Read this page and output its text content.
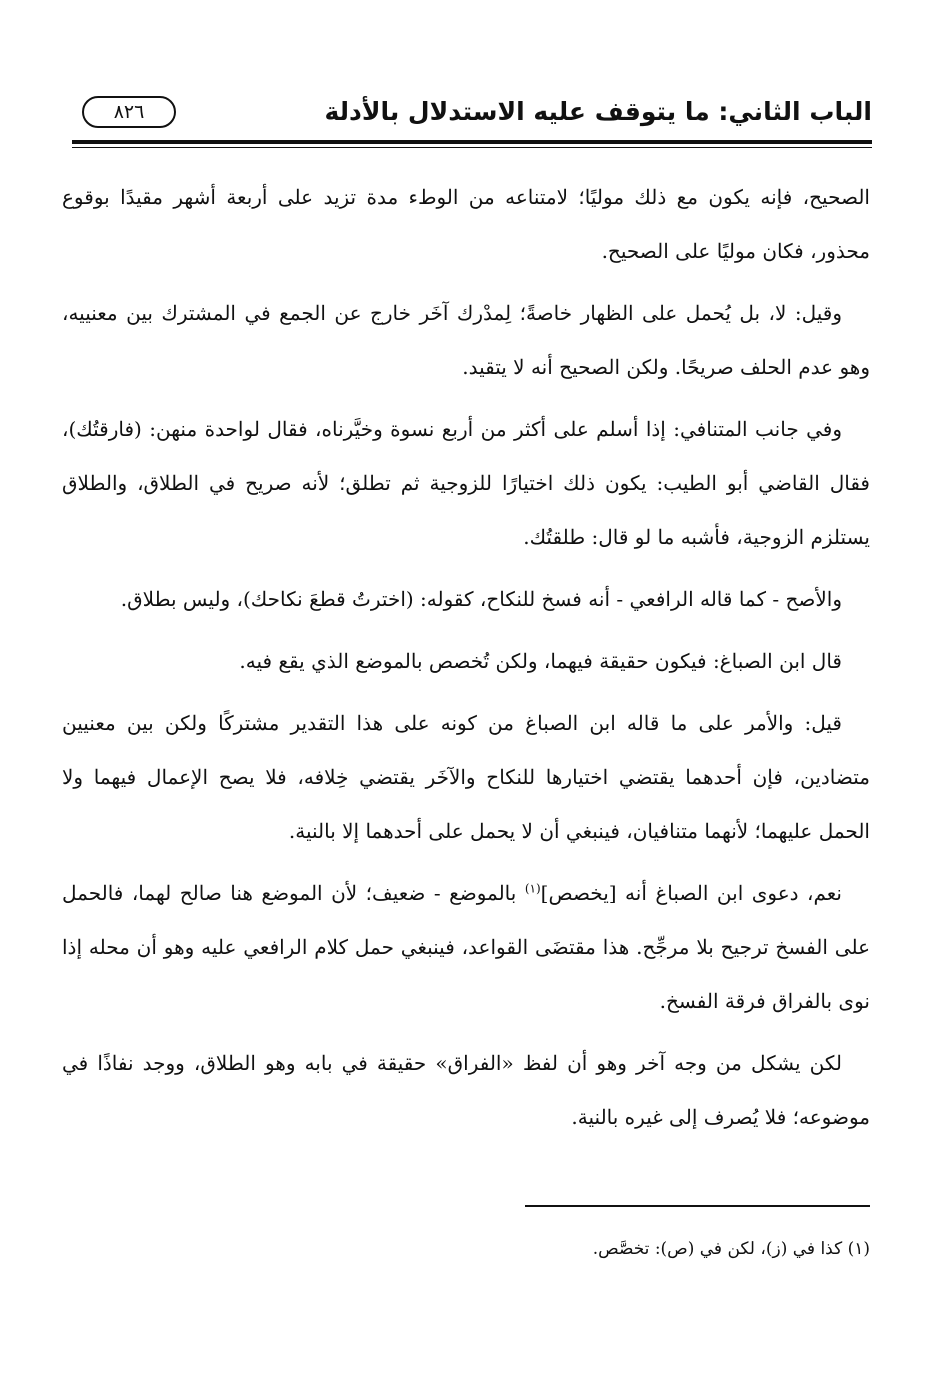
الباب الثاني: ما يتوقف عليه الاستدلال بالأدلة
٨٢٦

الصحيح، فإنه يكون مع ذلك موليًا؛ لامتناعه من الوطء مدة تزيد على أربعة أشهر مقيدًا بوقوع محذور، فكان موليًا على الصحيح.

وقيل: لا، بل يُحمل على الظهار خاصةً؛ لِمدْرك آخَر خارج عن الجمع في المشترك بين معنييه، وهو عدم الحلف صريحًا. ولكن الصحيح أنه لا يتقيد.

وفي جانب المتنافي: إذا أسلم على أكثر من أربع نسوة وخيَّرناه، فقال لواحدة منهن: (فارقتُك)، فقال القاضي أبو الطيب: يكون ذلك اختيارًا للزوجية ثم تطلق؛ لأنه صريح في الطلاق، والطلاق يستلزم الزوجية، فأشبه ما لو قال: طلقتُك.

والأصح - كما قاله الرافعي - أنه فسخ للنكاح، كقوله: (اخترتُ قطعَ نكاحك)، وليس بطلاق.

قال ابن الصباغ: فيكون حقيقة فيهما، ولكن تُخصص بالموضع الذي يقع فيه.

قيل: والأمر على ما قاله ابن الصباغ من كونه على هذا التقدير مشتركًا ولكن بين معنيين متضادين، فإن أحدهما يقتضي اختيارها للنكاح والآخَر يقتضي خِلافه، فلا يصح الإعمال فيهما ولا الحمل عليهما؛ لأنهما متنافيان، فينبغي أن لا يحمل على أحدهما إلا بالنية.

نعم، دعوى ابن الصباغ أنه [يخصص]$^{(١)}$ بالموضع - ضعيف؛ لأن الموضع هنا صالح لهما، فالحمل على الفسخ ترجيح بلا مرجِّح. هذا مقتضَى القواعد، فينبغي حمل كلام الرافعي عليه وهو أن محله إذا نوى بالفراق فرقة الفسخ.

لكن يشكل من وجه آخر وهو أن لفظ «الفراق» حقيقة في بابه وهو الطلاق، ووجد نفاذًا في موضوعه؛ فلا يُصرف إلى غيره بالنية.

(١) كذا في (ز)، لكن في (ص): تخصَّص.
